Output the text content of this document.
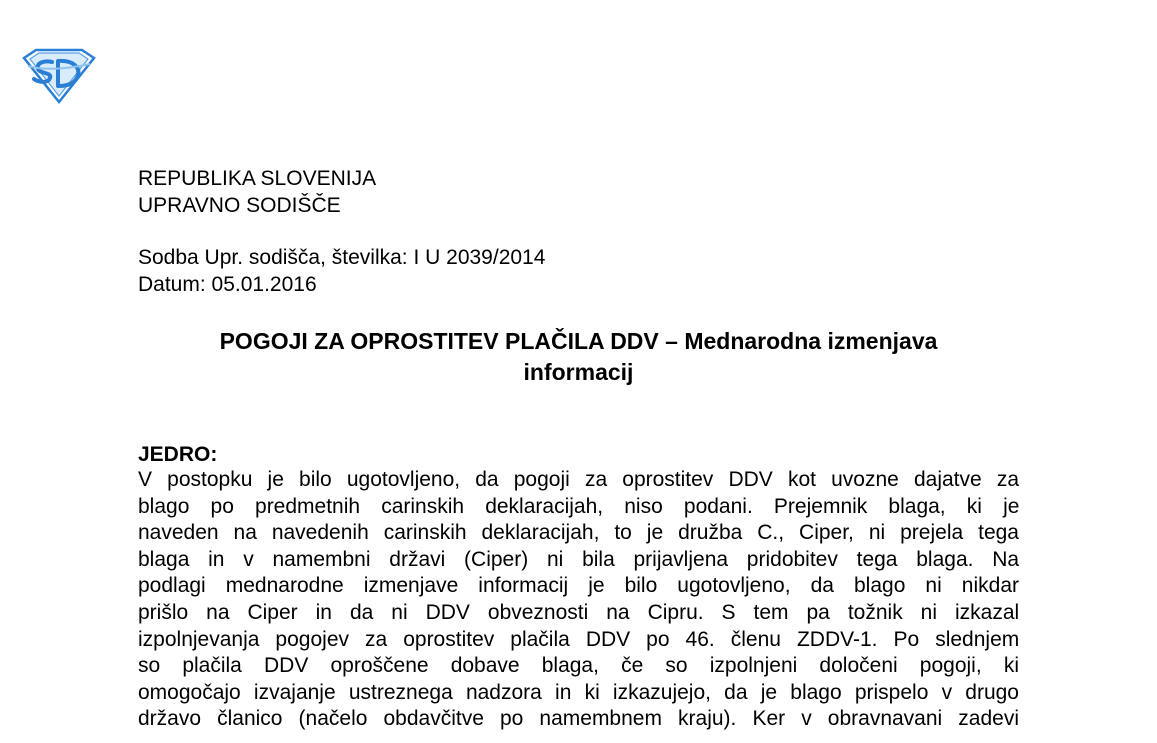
REPUBLIKA SLOVENIJA
UPRAVNO SODIŠČE
Sodba Upr. sodišča, številka: I U 2039/2014
Datum: 05.01.2016
POGOJI ZA OPROSTITEV PLAČILA DDV – Mednarodna izmenjava
informacij
JEDRO:
V postopku je bilo ugotovljeno, da pogoji za oprostitev DDV kot uvozne dajatve za
blago po predmetnih carinskih deklaracijah, niso podani. Prejemnik blaga, ki je
naveden na navedenih carinskih deklaracijah, to je družba C., Ciper, ni prejela tega
blaga in v namembni državi (Ciper) ni bila prijavljena pridobitev tega blaga. Na
podlagi mednarodne izmenjave informacij je bilo ugotovljeno, da blago ni nikdar
prišlo na Ciper in da ni DDV obveznosti na Cipru. S tem pa tožnik ni izkazal
izpolnjevanja pogojev za oprostitev plačila DDV po 46. členu ZDDV-1. Po slednjem
so plačila DDV oproščene dobave blaga, če so izpolnjeni določeni pogoji, ki
omogočajo izvajanje ustreznega nadzora in ki izkazujejo, da je blago prispelo v drugo
državo članico (načelo obdavčitve po namembnem kraju). Ker v obravnavani zadevi
